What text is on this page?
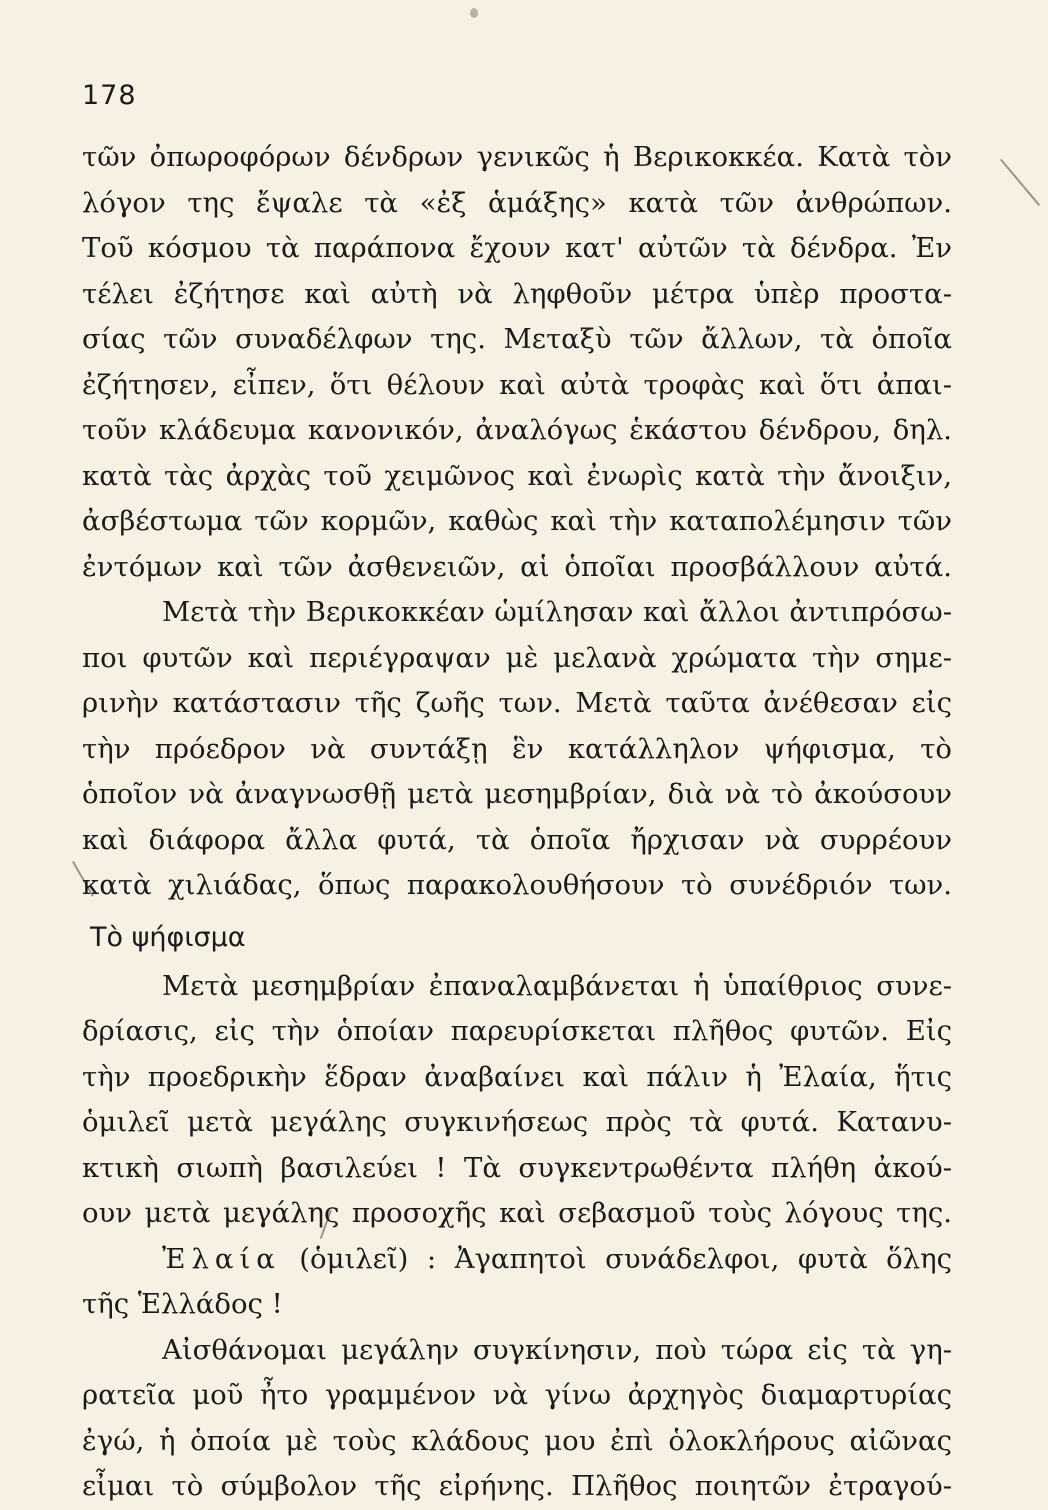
178

τῶν ὀπωροφόρων δένδρων γενικῶς ἡ Βερικοκκέα. Κατὰ τὸν

λόγον της ἔψαλε τὰ «ἐξ ἁμάξης» κατὰ τῶν ἀνθρώπων.

Τοῦ κόσμου τὰ παράπονα ἔχουν κατ' αὐτῶν τὰ δένδρα. Ἐν

τέλει ἐζήτησε καὶ αὐτὴ νὰ ληφθοῦν μέτρα ὑπὲρ προστα-

σίας τῶν συναδέλφων της. Μεταξὺ τῶν ἄλλων, τὰ ὁποῖα

ἐζήτησεν, εἶπεν, ὅτι θέλουν καὶ αὐτὰ τροφὰς καὶ ὅτι ἀπαι-

τοῦν κλάδευμα κανονικόν, ἀναλόγως ἑκάστου δένδρου, δηλ.

κατὰ τὰς ἀρχὰς τοῦ χειμῶνος καὶ ἐνωρὶς κατὰ τὴν ἄνοιξιν,

ἀσβέστωμα τῶν κορμῶν, καθὼς καὶ τὴν καταπολέμησιν τῶν

ἐντόμων καὶ τῶν ἀσθενειῶν, αἱ ὁποῖαι προσβάλλουν αὐτά.

Μετὰ τὴν Βερικοκκέαν ὡμίλησαν καὶ ἄλλοι ἀντιπρόσω-

ποι φυτῶν καὶ περιέγραψαν μὲ μελανὰ χρώματα τὴν σημε-

ρινὴν κατάστασιν τῆς ζωῆς των. Μετὰ ταῦτα ἀνέθεσαν εἰς

τὴν πρόεδρον νὰ συντάξῃ ἓν κατάλληλον ψήφισμα, τὸ

ὁποῖον νὰ ἀναγνωσθῇ μετὰ μεσημβρίαν, διὰ νὰ τὸ ἀκούσουν

καὶ διάφορα ἄλλα φυτά, τὰ ὁποῖα ἤρχισαν νὰ συρρέουν

κατὰ χιλιάδας, ὅπως παρακολουθήσουν τὸ συνέδριόν των.

Τὸ ψήφισμα

Μετὰ μεσημβρίαν ἐπαναλαμβάνεται ἡ ὑπαίθριος συνε-

δρίασις, εἰς τὴν ὁποίαν παρευρίσκεται πλῆθος φυτῶν. Εἰς

τὴν προεδρικὴν ἕδραν ἀναβαίνει καὶ πάλιν ἡ Ἐλαία, ἥτις

ὁμιλεῖ μετὰ μεγάλης συγκινήσεως πρὸς τὰ φυτά. Κατανυ-

κτικὴ σιωπὴ βασιλεύει ! Τὰ συγκεντρωθέντα πλήθη ἀκού-

ουν μετὰ μεγάλης προσοχῆς καὶ σεβασμοῦ τοὺς λόγους της.

Ἐλαία (ὁμιλεῖ) : Ἀγαπητοὶ συνάδελφοι, φυτὰ ὅλης

τῆς Ἑλλάδος !

Αἰσθάνομαι μεγάλην συγκίνησιν, ποὺ τώρα εἰς τὰ γη-

ρατεῖα μοῦ ἦτο γραμμένον νὰ γίνω ἀρχηγὸς διαμαρτυρίας

ἐγώ, ἡ ὁποία μὲ τοὺς κλάδους μου ἐπὶ ὁλοκλήρους αἰῶνας

εἶμαι τὸ σύμβολον τῆς εἰρήνης. Πλῆθος ποιητῶν ἐτραγού-
